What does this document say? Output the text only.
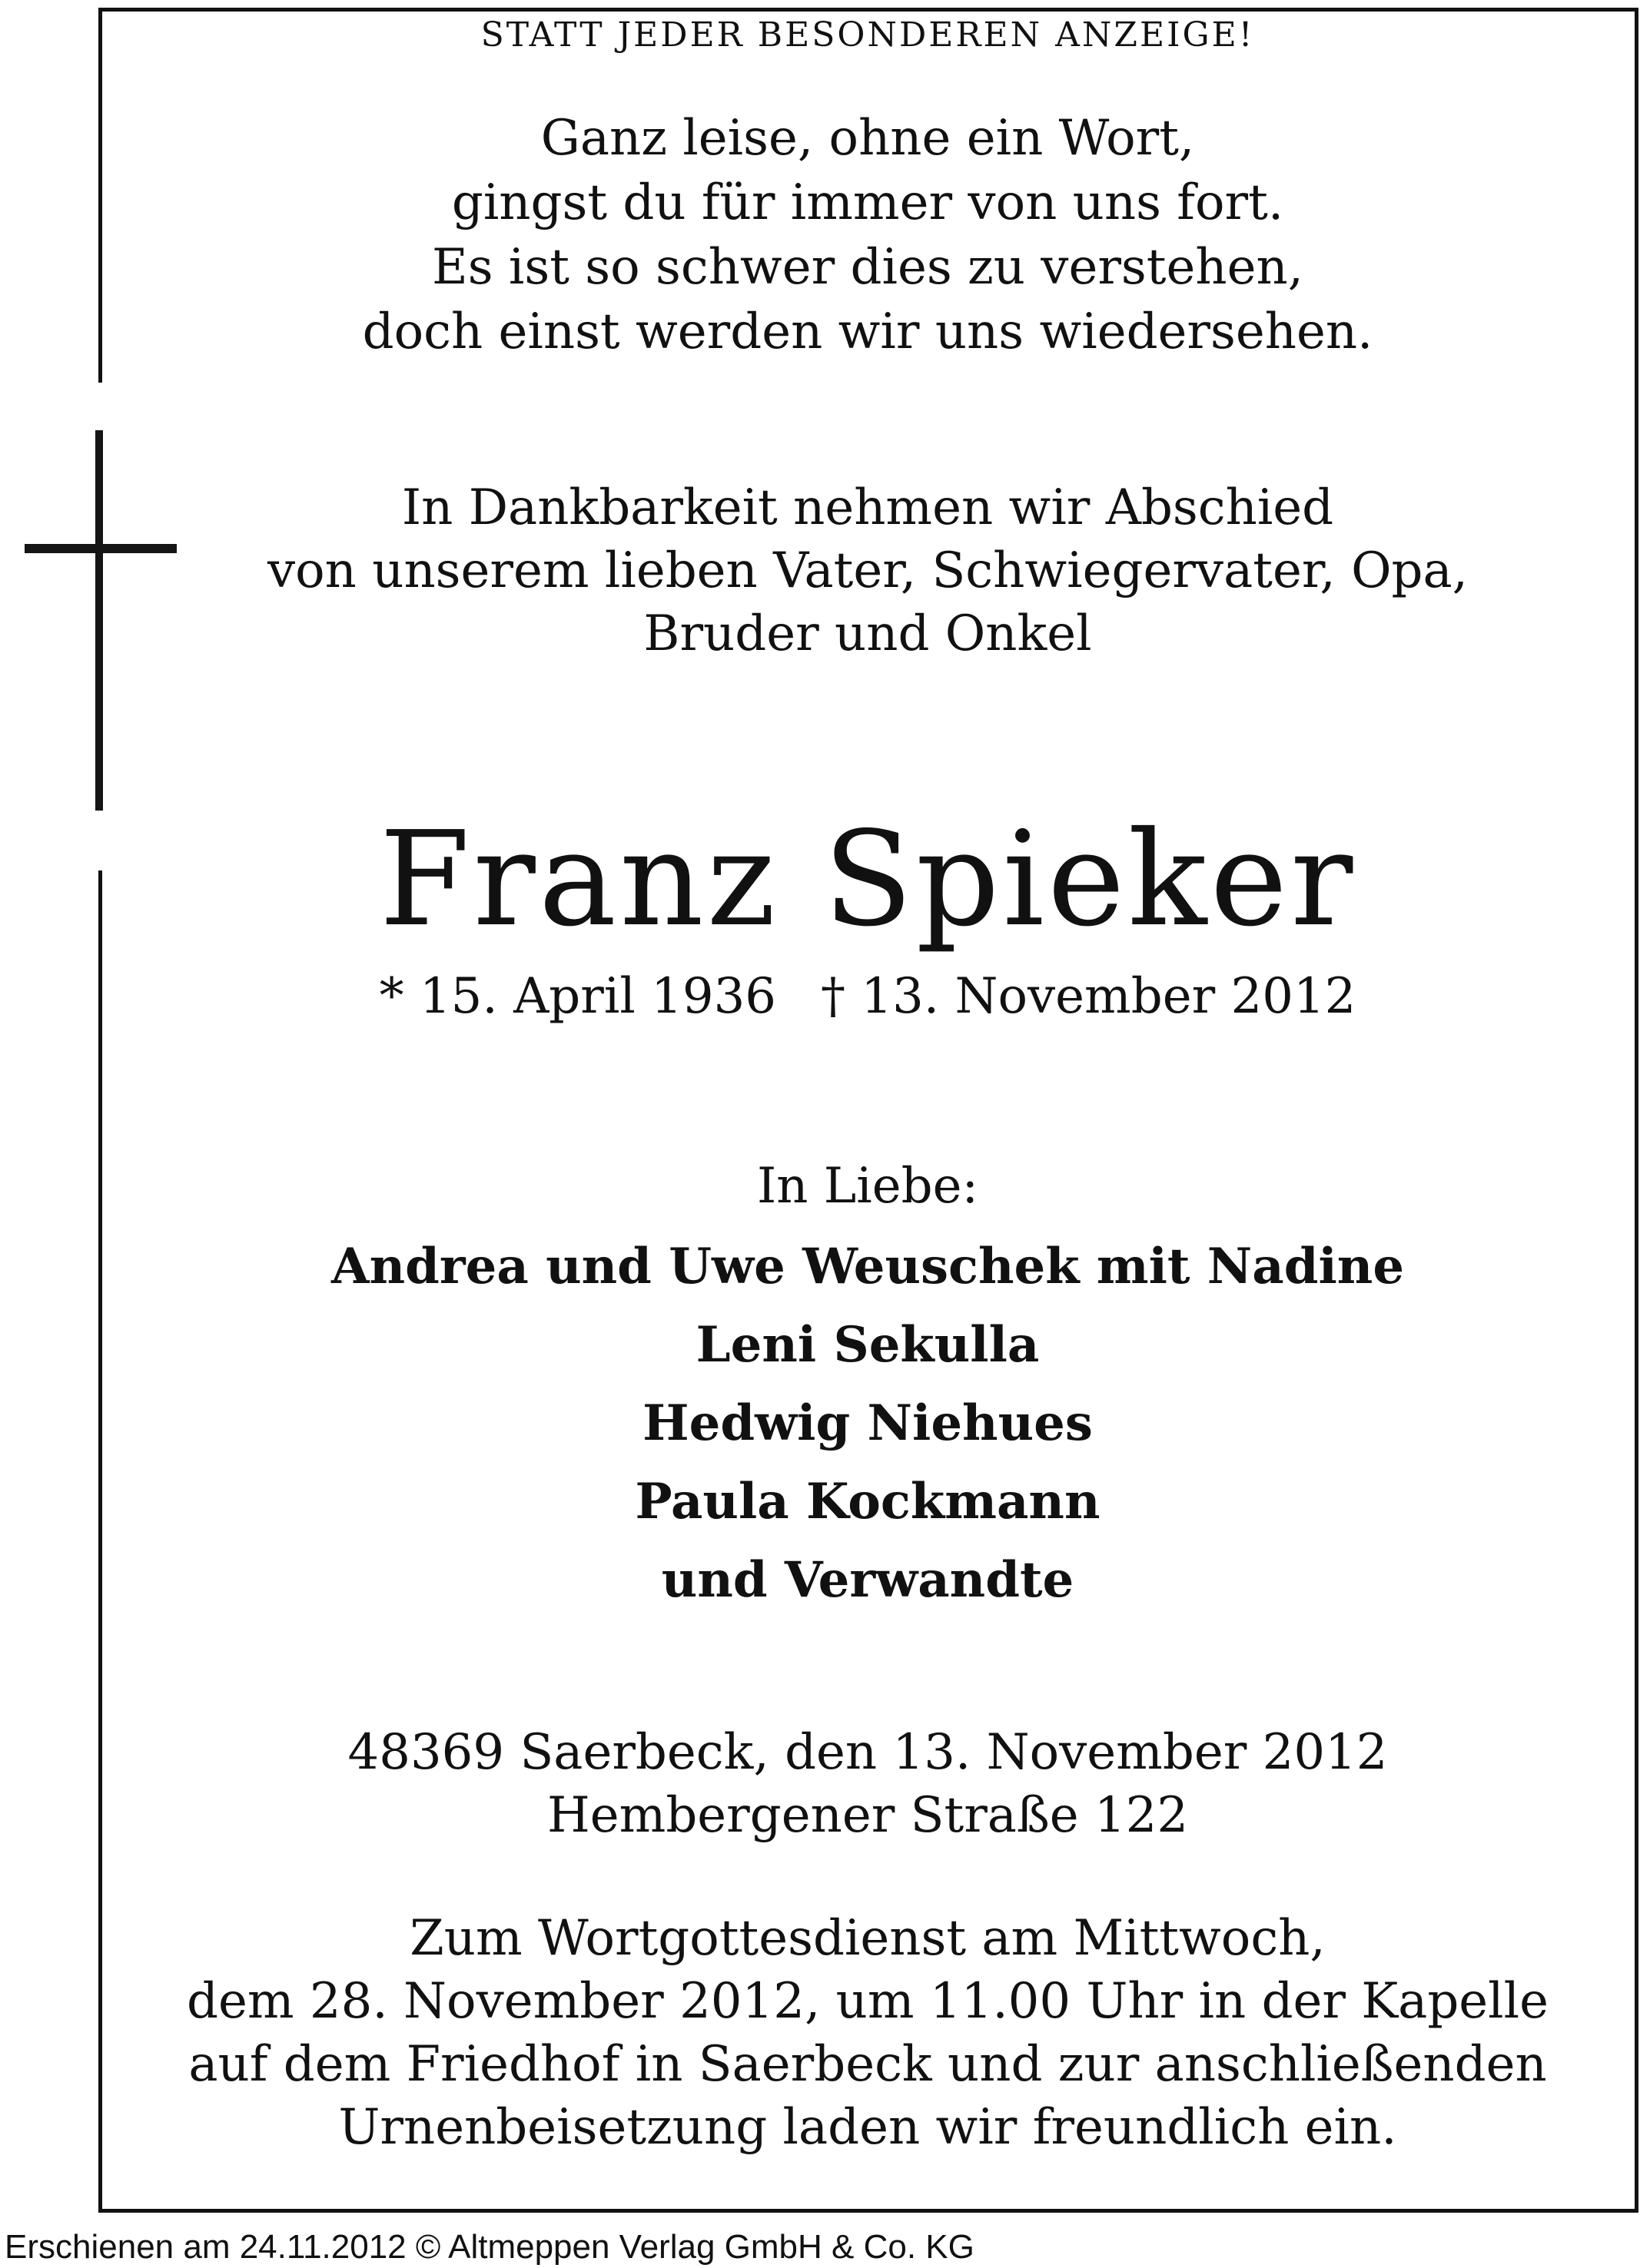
STATT JEDER BESONDEREN ANZEIGE!
Ganz leise, ohne ein Wort,
gingst du für immer von uns fort.
Es ist so schwer dies zu verstehen,
doch einst werden wir uns wiedersehen.
In Dankbarkeit nehmen wir Abschied
von unserem lieben Vater, Schwiegervater, Opa,
Bruder und Onkel
Franz Spieker
* 15. April 1936 † 13. November 2012
In Liebe:
Andrea und Uwe Weuschek mit Nadine
Leni Sekulla
Hedwig Niehues
Paula Kockmann
und Verwandte
48369 Saerbeck, den 13. November 2012
Hembergener Straße 122
Zum Wortgottesdienst am Mittwoch,
dem 28. November 2012, um 11.00 Uhr in der Kapelle
auf dem Friedhof in Saerbeck und zur anschließenden
Urnenbeisetzung laden wir freundlich ein.
Erschienen am 24.11.2012 © Altmeppen Verlag GmbH & Co. KG
